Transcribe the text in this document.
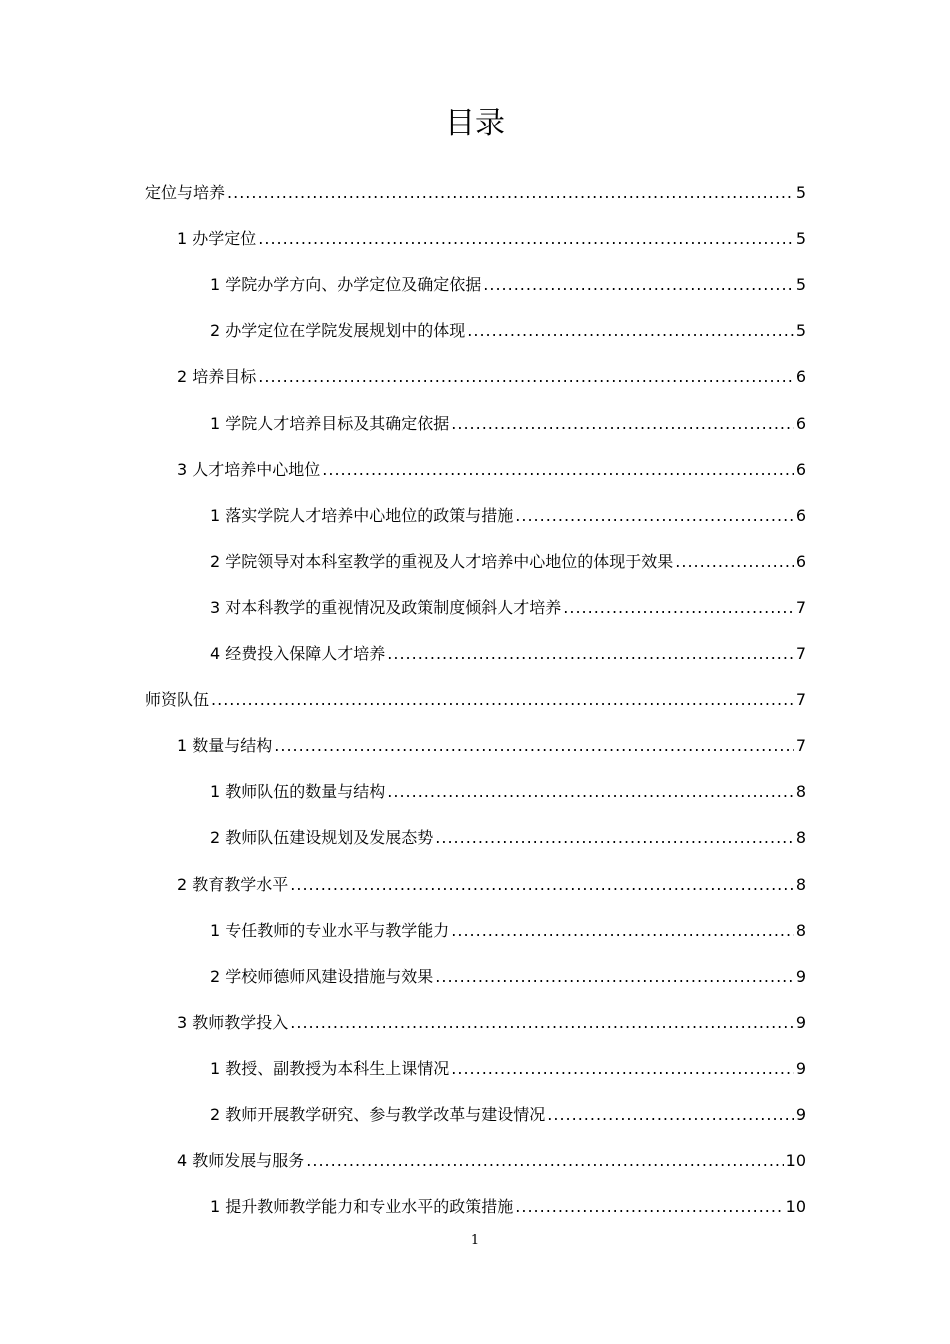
目录
定位与培养 .....	5
1 办学定位 .....	5
1 学院办学方向、办学定位及确定依据 .....	5
2 办学定位在学院发展规划中的体现 .....	5
2 培养目标 .....	6
1 学院人才培养目标及其确定依据 .....	6
3 人才培养中心地位 .....	6
1 落实学院人才培养中心地位的政策与措施 .....	6
2 学院领导对本科室教学的重视及人才培养中心地位的体现于效果 .....	6
3 对本科教学的重视情况及政策制度倾斜人才培养 .....	7
4 经费投入保障人才培养 .....	7
师资队伍 .....	7
1 数量与结构 .....	7
1 教师队伍的数量与结构 .....	8
2 教师队伍建设规划及发展态势 .....	8
2 教育教学水平 .....	8
1 专任教师的专业水平与教学能力 .....	8
2 学校师德师风建设措施与效果 .....	9
3 教师教学投入 .....	9
1 教授、副教授为本科生上课情况 .....	9
2 教师开展教学研究、参与教学改革与建设情况 .....	9
4 教师发展与服务 .....	10
1 提升教师教学能力和专业水平的政策措施 .....	10
1
